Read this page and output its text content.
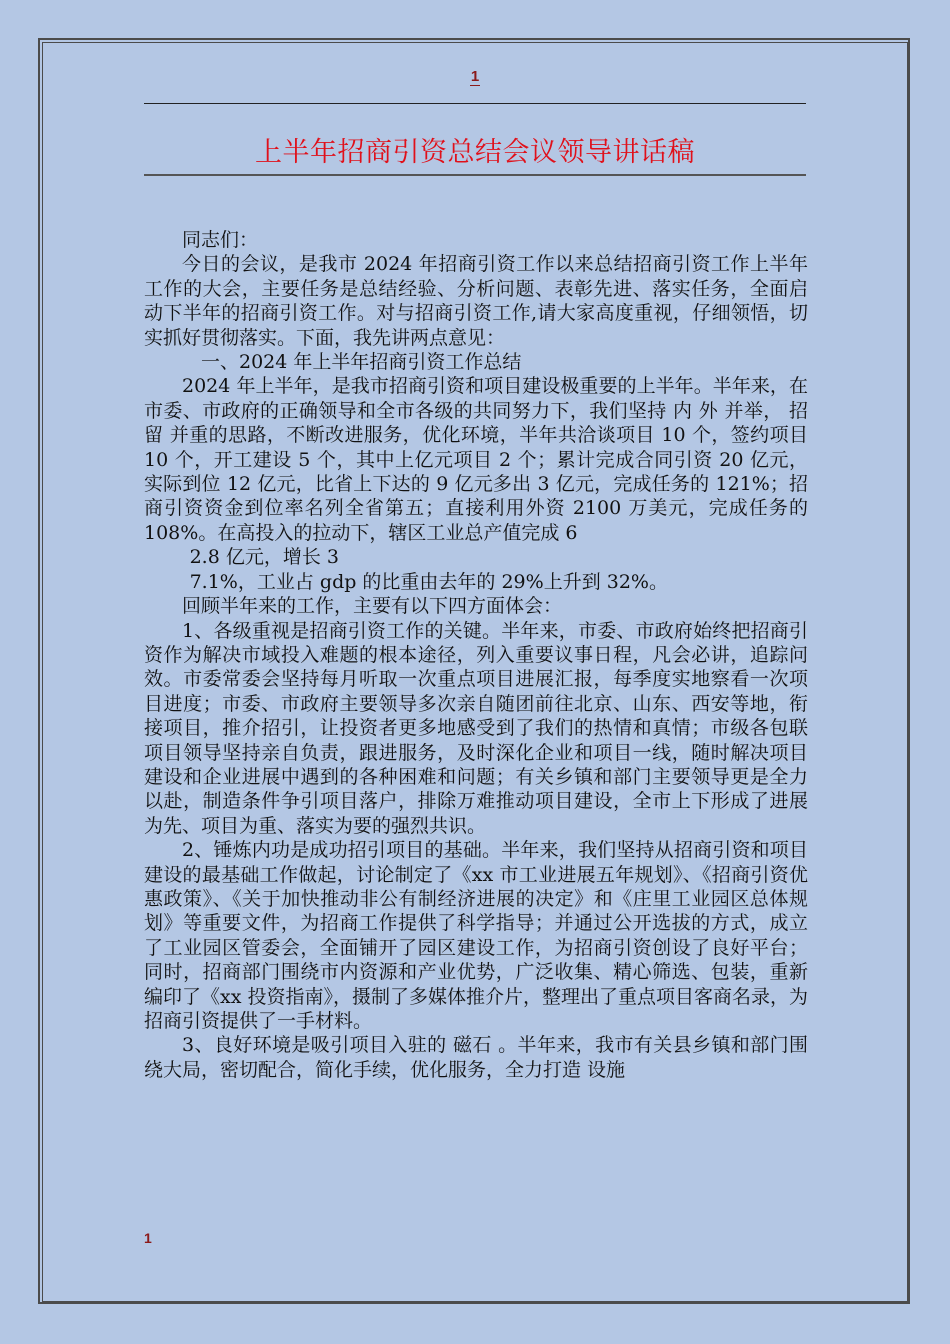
1
上半年招商引资总结会议领导讲话稿

同志们：

今日的会议，是我市 2024 年招商引资工作以来总结招商引资工作上半年工作的大会，主要任务是总结经验、分析问题、表彰先进、落实任务，全面启动下半年的招商引资工作。对与招商引资工作,请大家高度重视，仔细领悟，切实抓好贯彻落实。下面，我先讲两点意见：

一、2024 年上半年招商引资工作总结

2024 年上半年，是我市招商引资和项目建设极重要的上半年。半年来，在市委、市政府的正确领导和全市各级的共同努力下，我们坚持 内 外 并举， 招 留 并重的思路，不断改进服务，优化环境，半年共洽谈项目 10 个，签约项目 10 个，开工建设 5 个，其中上亿元项目 2 个；累计完成合同引资 20 亿元，实际到位 12 亿元，比省上下达的 9 亿元多出 3 亿元，完成任务的 121%；招商引资资金到位率名列全省第五；直接利用外资 2100 万美元，完成任务的 108%。在高投入的拉动下，辖区工业总产值完成 6

2.8 亿元，增长 3

7.1%，工业占 gdp 的比重由去年的 29%上升到 32%。

回顾半年来的工作，主要有以下四方面体会：

1、各级重视是招商引资工作的关键。半年来，市委、市政府始终把招商引资作为解决市域投入难题的根本途径，列入重要议事日程，凡会必讲，追踪问效。市委常委会坚持每月听取一次重点项目进展汇报，每季度实地察看一次项目进度；市委、市政府主要领导多次亲自随团前往北京、山东、西安等地，衔接项目，推介招引，让投资者更多地感受到了我们的热情和真情；市级各包联项目领导坚持亲自负责，跟进服务，及时深化企业和项目一线，随时解决项目建设和企业进展中遇到的各种困难和问题；有关乡镇和部门主要领导更是全力以赴，制造条件争引项目落户，排除万难推动项目建设，全市上下形成了进展为先、项目为重、落实为要的强烈共识。

2、锤炼内功是成功招引项目的基础。半年来，我们坚持从招商引资和项目建设的最基础工作做起，讨论制定了《xx 市工业进展五年规划》、《招商引资优惠政策》、《关于加快推动非公有制经济进展的决定》和《庄里工业园区总体规划》等重要文件，为招商工作提供了科学指导；并通过公开选拔的方式，成立了工业园区管委会，全面铺开了园区建设工作，为招商引资创设了良好平台；同时，招商部门围绕市内资源和产业优势，广泛收集、精心筛选、包装，重新编印了《xx 投资指南》，摄制了多媒体推介片，整理出了重点项目客商名录，为招商引资提供了一手材料。

3、良好环境是吸引项目入驻的 磁石 。半年来，我市有关县乡镇和部门围绕大局，密切配合，简化手续，优化服务，全力打造 设施

1
